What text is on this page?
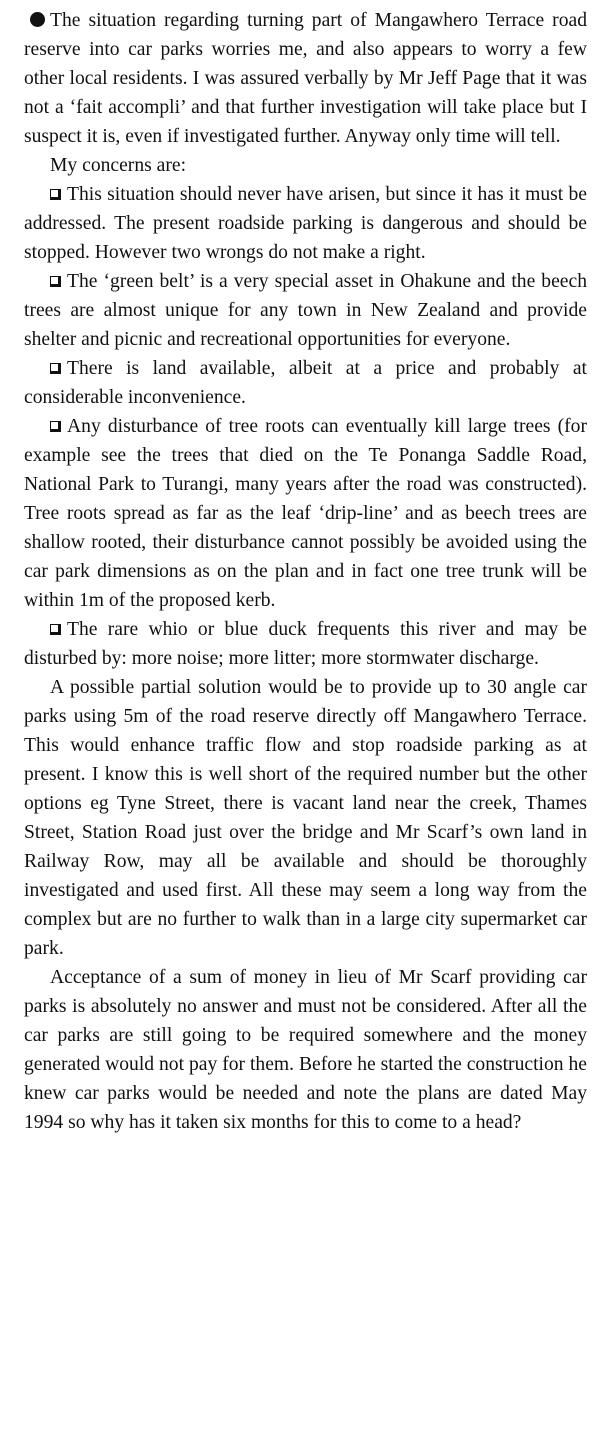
The situation regarding turning part of Mangawhero Terrace road reserve into car parks worries me, and also appears to worry a few other local residents. I was assured verbally by Mr Jeff Page that it was not a ‘fait accompli’ and that further investigation will take place but I suspect it is, even if investigated further. Anyway only time will tell.

My concerns are:

This situation should never have arisen, but since it has it must be addressed. The present roadside parking is dangerous and should be stopped. However two wrongs do not make a right.

The ‘green belt’ is a very special asset in Ohakune and the beech trees are almost unique for any town in New Zealand and provide shelter and picnic and recreational opportunities for everyone.

There is land available, albeit at a price and probably at considerable inconvenience.

Any disturbance of tree roots can eventually kill large trees (for example see the trees that died on the Te Ponanga Saddle Road, National Park to Turangi, many years after the road was constructed). Tree roots spread as far as the leaf ‘drip-line’ and as beech trees are shallow rooted, their disturbance cannot possibly be avoided using the car park dimensions as on the plan and in fact one tree trunk will be within 1m of the proposed kerb.

The rare whio or blue duck frequents this river and may be disturbed by: more noise; more litter; more stormwater discharge.

A possible partial solution would be to provide up to 30 angle car parks using 5m of the road reserve directly off Mangawhero Terrace. This would enhance traffic flow and stop roadside parking as at present. I know this is well short of the required number but the other options eg Tyne Street, there is vacant land near the creek, Thames Street, Station Road just over the bridge and Mr Scarf’s own land in Railway Row, may all be available and should be thoroughly investigated and used first. All these may seem a long way from the complex but are no further to walk than in a large city supermarket car park.

Acceptance of a sum of money in lieu of Mr Scarf providing car parks is absolutely no answer and must not be considered. After all the car parks are still going to be required somewhere and the money generated would not pay for them. Before he started the construction he knew car parks would be needed and note the plans are dated May 1994 so why has it taken six months for this to come to a head?
